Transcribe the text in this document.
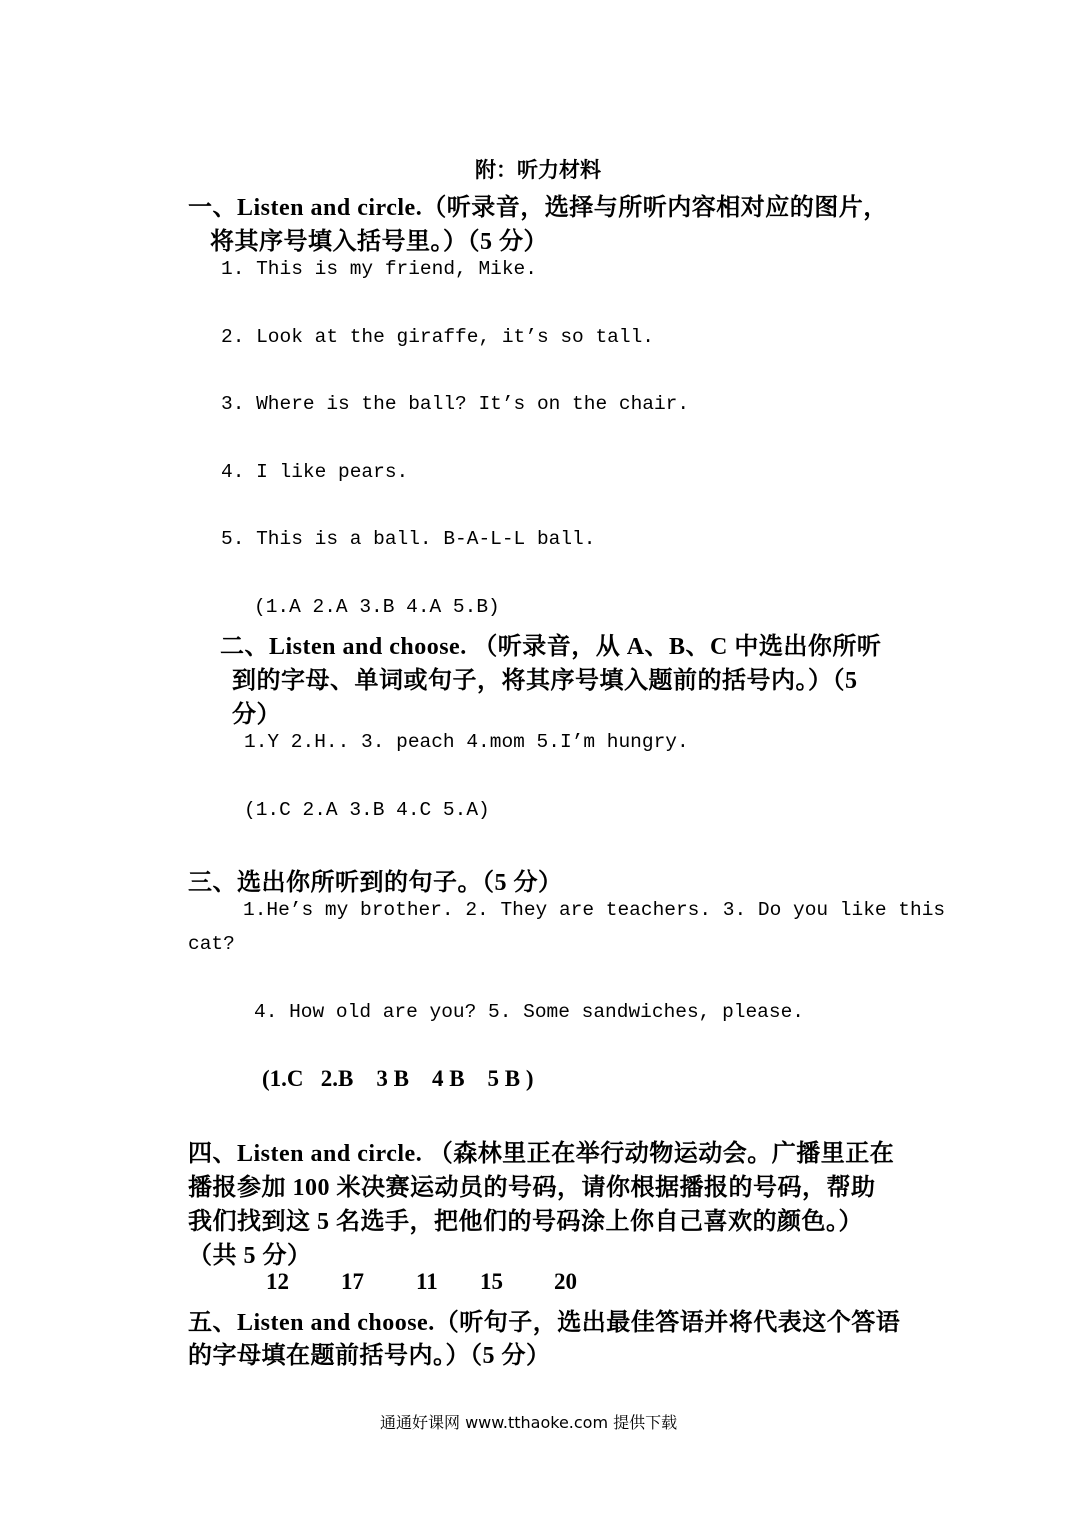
附：听力材料
一、Listen and circle.（听录音，选择与所听内容相对应的图片，
将其序号填入括号里。）（5 分）
1. This is my friend, Mike.
2. Look at the giraffe, it’s so tall.
3. Where is the ball? It’s on the chair.
4. I like pears.
5. This is a ball. B-A-L-L ball.
(1.A 2.A 3.B 4.A 5.B)
二、Listen and choose. （听录音，从 A、B、C 中选出你所听
到的字母、单词或句子，将其序号填入题前的括号内。）（5
分）
1.Y 2.H.. 3. peach 4.mom 5.I’m hungry.
(1.C 2.A 3.B 4.C 5.A)
三、选出你所听到的句子。（5 分）
1.He’s my brother. 2. They are teachers. 3. Do you like this
cat?
4. How old are you? 5. Some sandwiches, please.
(1.C   2.B    3 B    4 B    5 B )
四、Listen and circle. （森林里正在举行动物运动会。广播里正在
播报参加 100 米决赛运动员的号码，请你根据播报的号码，帮助
我们找到这 5 名选手，把他们的号码涂上你自己喜欢的颜色。）
（共 5 分）
12 17 11 15 20
五、Listen and choose.（听句子，选出最佳答语并将代表这个答语
的字母填在题前括号内。）（5 分）
通通好课网 www.tthaoke.com 提供下载
